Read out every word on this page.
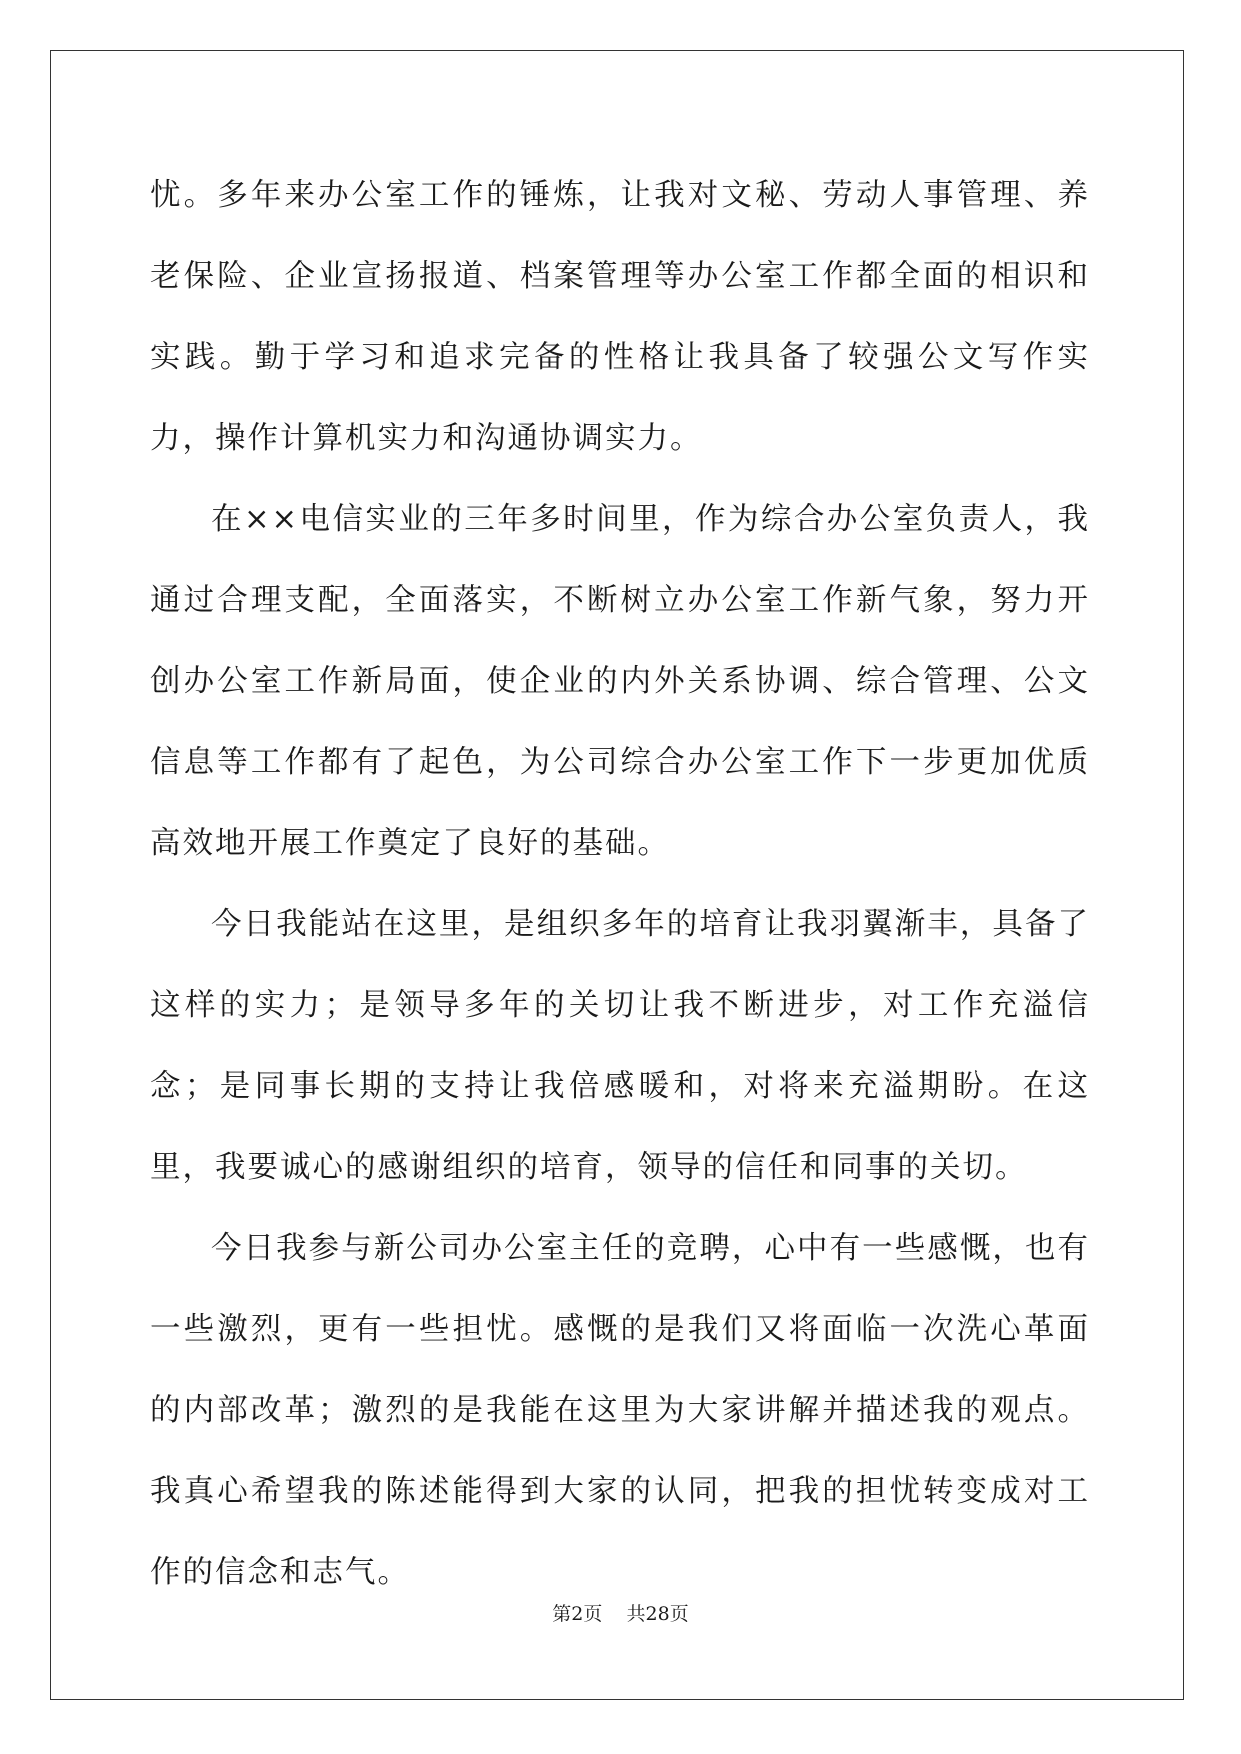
忧。多年来办公室工作的锤炼，让我对文秘、劳动人事管理、养老保险、企业宣扬报道、档案管理等办公室工作都全面的相识和实践。勤于学习和追求完备的性格让我具备了较强公文写作实力，操作计算机实力和沟通协调实力。

在××电信实业的三年多时间里，作为综合办公室负责人，我通过合理支配，全面落实，不断树立办公室工作新气象，努力开创办公室工作新局面，使企业的内外关系协调、综合管理、公文信息等工作都有了起色，为公司综合办公室工作下一步更加优质高效地开展工作奠定了良好的基础。

今日我能站在这里，是组织多年的培育让我羽翼渐丰，具备了这样的实力；是领导多年的关切让我不断进步，对工作充溢信念；是同事长期的支持让我倍感暖和，对将来充溢期盼。在这里，我要诚心的感谢组织的培育，领导的信任和同事的关切。

今日我参与新公司办公室主任的竞聘，心中有一些感慨，也有一些激烈，更有一些担忧。感慨的是我们又将面临一次洗心革面的内部改革；激烈的是我能在这里为大家讲解并描述我的观点。我真心希望我的陈述能得到大家的认同，把我的担忧转变成对工作的信念和志气。

第2页 共28页
